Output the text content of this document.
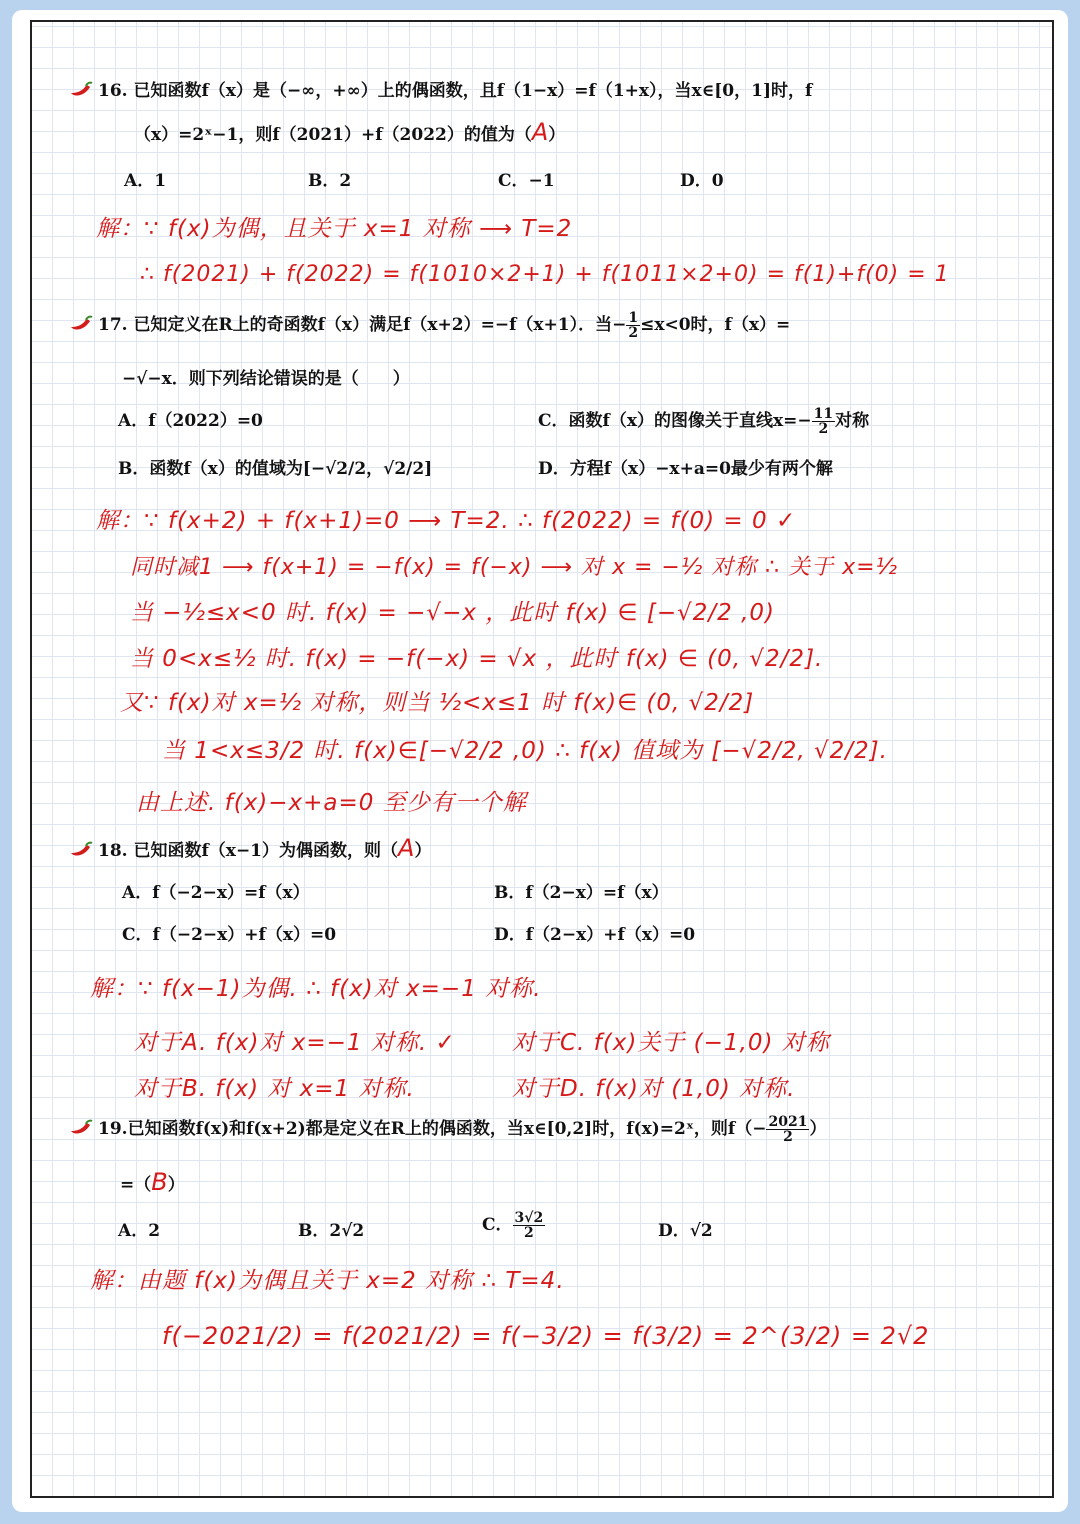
16. 已知函数f（x）是（−∞，+∞）上的偶函数，且f（1−x）=f（1+x），当x∈[0，1]时，f
（x）=2ˣ−1，则f（2021）+f（2022）的值为（A）
A．1	B．2	C．−1	D．0
解：∵ f(x)为偶，且关于 x=1 对称 ⟶ T=2
∴ f(2021) + f(2022) = f(1010×2+1) + f(1011×2+0) = f(1)+f(0) = 1
17. 已知定义在R上的奇函数f（x）满足f（x+2）=−f（x+1）．当− $\frac{1}{2} \le x<0$时，f（x）=
−√−x．则下列结论错误的是（　　）
A．f（2022）=0	C．函数f（x）的图像关于直线$x=- \frac{11}{2}$ 对称
B．函数f（x）的值域为[−√2/2，√2/2]	D．方程f（x）−x+a=0最少有两个解
解：∵ f(x+2) + f(x+1)=0 ⟶ T=2. ∴ f(2022) = f(0) = 0 ✓
同时减1 ⟶ f(x+1) = −f(x) = f(−x) ⟶ 对 x = −½ 对称 ∴ 关于 x=½
当 −½≤x<0 时. f(x) = −√−x ，此时 f(x) ∈ [−√2/2 ,0)
当 0<x≤½ 时. f(x) = −f(−x) = √x ，此时 f(x) ∈ (0, √2/2].
又∵ f(x)对 x=½ 对称，则当 ½<x≤1 时 f(x)∈ (0, √2/2]
当 1<x≤3/2 时. f(x)∈[−√2/2 ,0) ∴ f(x) 值域为 [−√2/2, √2/2].
由上述. f(x)−x+a=0 至少有一个解
18. 已知函数f（x−1）为偶函数，则（A）
A．f（−2−x）=f（x）	B．f（2−x）=f（x）
C．f（−2−x）+f（x）=0	D．f（2−x）+f（x）=0
解：∵ f(x−1)为偶. ∴ f(x)对 x=−1 对称.
对于A. f(x)对 x=−1 对称. ✓ 对于C. f(x)关于 (−1,0) 对称
对于B. f(x) 对 x=1 对称.	对于D. f(x)对 (1,0) 对称.
19.已知函数f(x)和f(x+2)都是定义在R上的偶函数，当x∈[0,2]时，f(x)=2ˣ，则$f(- \frac{2021}{2}$ ）
=（B）
A．2	B．2√2	C． $\frac{3√2}{2}$	D．√2
解：由题 f(x)为偶且关于 x=2 对称 ∴ T=4.
f(−2021/2) = f(2021/2) = f(−3/2) = f(3/2) = 2^(3/2) = 2√2
